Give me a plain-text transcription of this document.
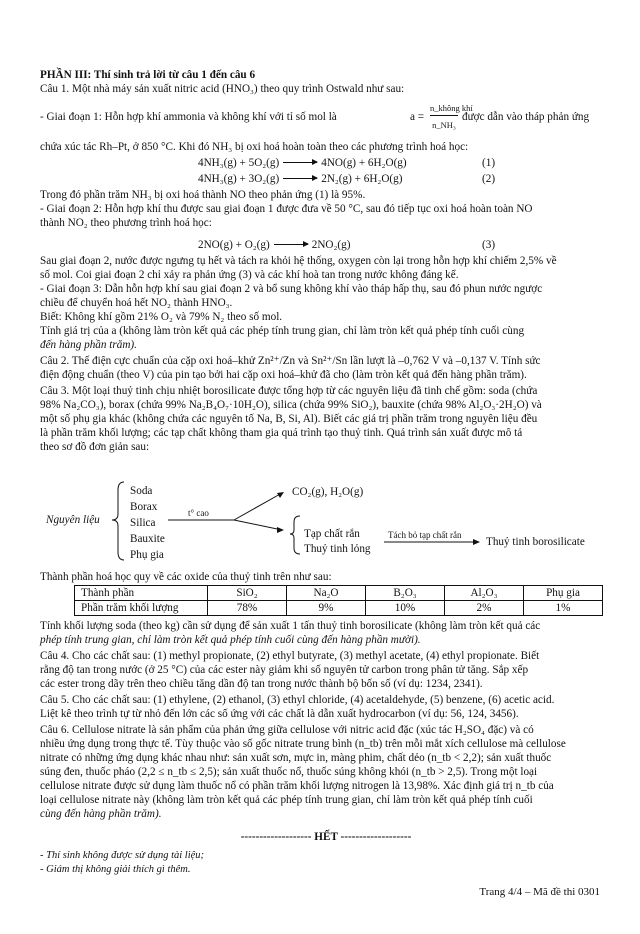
PHẦN III: Thí sinh trả lời từ câu 1 đến câu 6
Câu 1. Một nhà máy sản xuất nitric acid (HNO₃) theo quy trình Ostwald như sau:
- Giai đoạn 1: Hỗn hợp khí ammonia và không khí với tỉ số mol là	a =
n_không khí
n_NH₃
được dẫn vào tháp phản ứng
chứa xúc tác Rh–Pt, ở 850 °C. Khi đó NH₃ bị oxi hoá hoàn toàn theo các phương trình hoá học:
4NH₃(g) + 5O₂(g)	4NO(g) + 6H₂O(g)	(1)
4NH₃(g) + 3O₂(g)	2N₂(g) + 6H₂O(g)	(2)
Trong đó phần trăm NH₃ bị oxi hoá thành NO theo phản ứng (1) là 95%.
- Giai đoạn 2: Hỗn hợp khí thu được sau giai đoạn 1 được đưa về 50 °C, sau đó tiếp tục oxi hoá hoàn toàn NO
thành NO₂ theo phương trình hoá học:
2NO(g) + O₂(g)	2NO₂(g)	(3)
Sau giai đoạn 2, nước được ngưng tụ hết và tách ra khỏi hệ thống, oxygen còn lại trong hỗn hợp khí chiếm 2,5% về
số mol. Coi giai đoạn 2 chỉ xảy ra phản ứng (3) và các khí hoà tan trong nước không đáng kể.
- Giai đoạn 3: Dẫn hỗn hợp khí sau giai đoạn 2 và bổ sung không khí vào tháp hấp thụ, sau đó phun nước ngược
chiều để chuyển hoá hết NO₂ thành HNO₃.
Biết: Không khí gồm 21% O₂ và 79% N₂ theo số mol.
Tính giá trị của a (không làm tròn kết quả các phép tính trung gian, chỉ làm tròn kết quả phép tính cuối cùng
đến hàng phần trăm).
Câu 2. Thế điện cực chuẩn của cặp oxi hoá–khử Zn²⁺/Zn và Sn²⁺/Sn lần lượt là –0,762 V và –0,137 V. Tính sức
điện động chuẩn (theo V) của pin tạo bởi hai cặp oxi hoá–khử đã cho (làm tròn kết quả đến hàng phần trăm).
Câu 3. Một loại thuỷ tinh chịu nhiệt borosilicate được tổng hợp từ các nguyên liệu đã tinh chế gồm: soda (chứa
98% Na₂CO₃), borax (chứa 99% Na₂B₄O₇·10H₂O), silica (chứa 99% SiO₂), bauxite (chứa 98% Al₂O₃·2H₂O) và
một số phụ gia khác (không chứa các nguyên tố Na, B, Si, Al). Biết các giá trị phần trăm trong nguyên liệu đều
là phần trăm khối lượng; các tạp chất không tham gia quá trình tạo thuỷ tinh. Quá trình sản xuất được mô tả
theo sơ đồ đơn giản sau:
Nguyên liệu
Soda
Borax
Silica
Bauxite
Phụ gia
t° cao
CO₂(g), H₂O(g)
Tạp chất rắn
Thuỷ tinh lỏng
Tách bỏ tạp chất rắn
Thuỷ tinh borosilicate
Thành phần hoá học quy về các oxide của thuỷ tinh trên như sau:
Thành phần	SiO₂	Na₂O	B₂O₃	Al₂O₃	Phụ gia
Phần trăm khối lượng	78%	9%	10%	2%	1%
Tính khối lượng soda (theo kg) cần sử dụng để sản xuất 1 tấn thuỷ tinh borosilicate (không làm tròn kết quả các
phép tính trung gian, chỉ làm tròn kết quả phép tính cuối cùng đến hàng phần mười).
Câu 4. Cho các chất sau: (1) methyl propionate, (2) ethyl butyrate, (3) methyl acetate, (4) ethyl propionate. Biết
rằng độ tan trong nước (ở 25 °C) của các ester này giảm khi số nguyên tử carbon trong phân tử tăng. Sắp xếp
các ester trong dãy trên theo chiều tăng dần độ tan trong nước thành bộ bốn số (ví dụ: 1234, 2341).
Câu 5. Cho các chất sau: (1) ethylene, (2) ethanol, (3) ethyl chloride, (4) acetaldehyde, (5) benzene, (6) acetic acid.
Liệt kê theo trình tự từ nhỏ đến lớn các số ứng với các chất là dẫn xuất hydrocarbon (ví dụ: 56, 124, 3456).
Câu 6. Cellulose nitrate là sản phẩm của phản ứng giữa cellulose với nitric acid đặc (xúc tác H₂SO₄ đặc) và có
nhiều ứng dụng trong thực tế. Tùy thuộc vào số gốc nitrate trung bình (n_tb) trên mỗi mắt xích cellulose mà cellulose
nitrate có những ứng dụng khác nhau như: sản xuất sơn, mực in, màng phim, chất dẻo (n_tb < 2,2); sản xuất thuốc
súng đen, thuốc pháo (2,2 ≤ n_tb ≤ 2,5); sản xuất thuốc nổ, thuốc súng không khói (n_tb > 2,5). Trong một loại
cellulose nitrate được sử dụng làm thuốc nổ có phần trăm khối lượng nitrogen là 13,98%. Xác định giá trị n_tb của
loại cellulose nitrate này (không làm tròn kết quả các phép tính trung gian, chỉ làm tròn kết quả phép tính cuối
cùng đến hàng phần trăm).
------------------- HẾT -------------------
- Thí sinh không được sử dụng tài liệu;
- Giám thị không giải thích gì thêm.
Trang 4/4 – Mã đề thi 0301
